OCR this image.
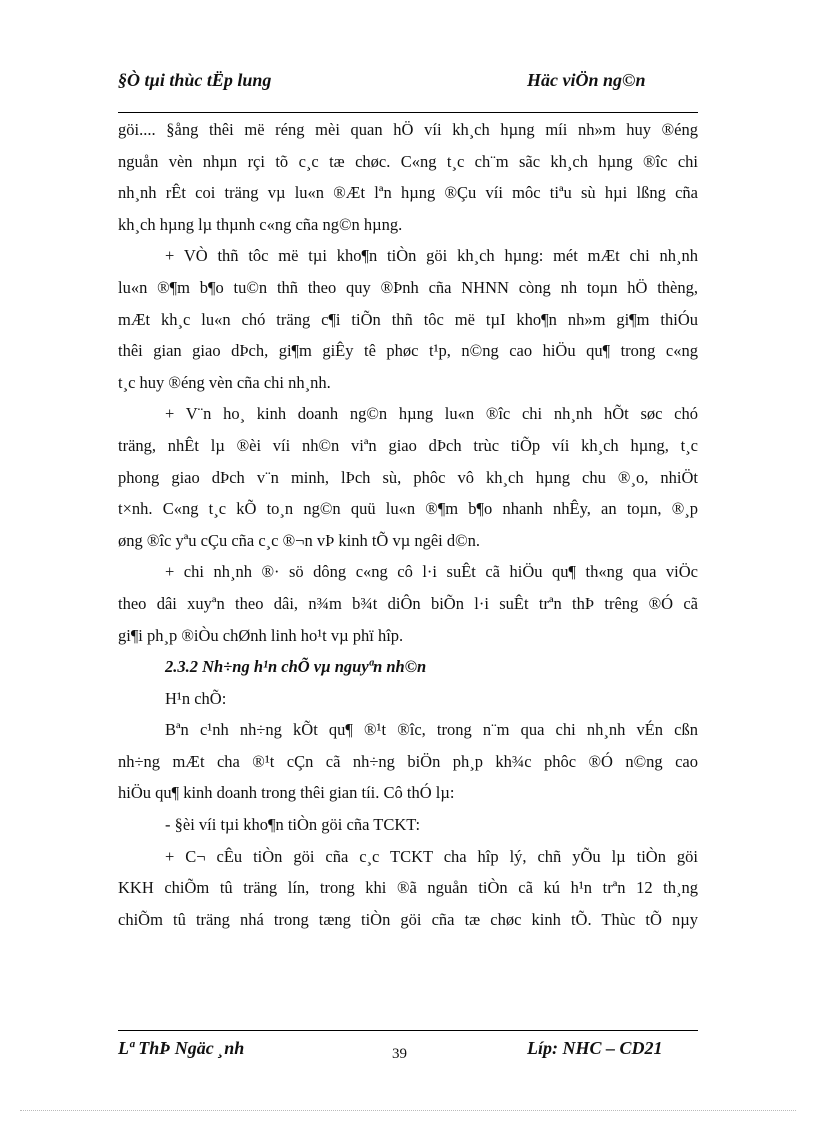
§Ò tµi thùc tËp lung	Häc viÖn ng©n
göi.... §ång thêi më réng mèi quan hÖ víi kh¸ch hµng míi nh»m huy ®éng
nguån vèn nhµn rçi tõ c¸c tæ chøc. C«ng t¸c ch¨m sãc kh¸ch hµng ®îc chi
nh¸nh rÊt coi träng vµ lu«n ®Æt lªn hµng ®Çu víi môc tiªu sù hµi lßng cña
kh¸ch hµng lµ thµnh c«ng cña ng©n hµng.
+ VÒ thñ tôc më tµi kho¶n tiÒn göi kh¸ch hµng: mét mÆt chi nh¸nh
lu«n ®¶m b¶o tu©n thñ theo quy ®Þnh cña NHNN còng nh toµn hÖ thèng,
mÆt kh¸c lu«n chó träng c¶i tiÕn thñ tôc më tµI kho¶n nh»m gi¶m thiÓu
thêi gian giao dÞch, gi¶m giÊy tê phøc t¹p, n©ng cao hiÖu qu¶ trong c«ng
t¸c huy ®éng vèn cña chi nh¸nh.
+ V¨n ho¸ kinh doanh ng©n hµng lu«n ®îc chi nh¸nh hÕt søc chó
träng, nhÊt lµ ®èi víi nh©n viªn giao dÞch trùc tiÕp víi kh¸ch hµng, t¸c
phong giao dÞch v¨n minh, lÞch sù, phôc vô kh¸ch hµng chu ®¸o, nhiÖt
t×nh. C«ng t¸c kÕ to¸n ng©n quü lu«n ®¶m b¶o nhanh nhÊy, an toµn, ®¸p
øng ®îc yªu cÇu cña c¸c ®¬n vÞ kinh tÕ vµ ngêi d©n.
+ chi nh¸nh ®· sö dông c«ng cô l·i suÊt cã hiÖu qu¶ th«ng qua viÖc
theo dâi xuyªn theo dâi, n¾m b¾t diÔn biÕn l·i suÊt trªn thÞ trêng ®Ó cã
gi¶i ph¸p ®iÒu chØnh linh ho¹t vµ phï hîp.
2.3.2 Nh÷ng h¹n chÕ vµ nguyªn nh©n
H¹n chÕ:
Bªn c¹nh nh÷ng kÕt qu¶ ®¹t ®îc, trong n¨m qua chi nh¸nh vÉn cßn
nh÷ng mÆt cha ®¹t cÇn cã nh÷ng biÖn ph¸p kh¾c phôc ®Ó n©ng cao
hiÖu qu¶ kinh doanh trong thêi gian tíi. Cô thÓ lµ:
- §èi víi tµi kho¶n tiÒn göi cña TCKT:
+ C¬ cÊu tiÒn göi cña c¸c TCKT cha hîp lý, chñ yÕu lµ tiÒn göi
KKH chiÕm tû träng lín, trong khi ®ã nguån tiÒn cã kú h¹n trªn 12 th¸ng
chiÕm tû träng nhá trong tæng tiÒn göi cña tæ chøc kinh tÕ. Thùc tÕ nµy
Lª ThÞ Ngäc ¸nh	39	Líp: NHC – CD21
